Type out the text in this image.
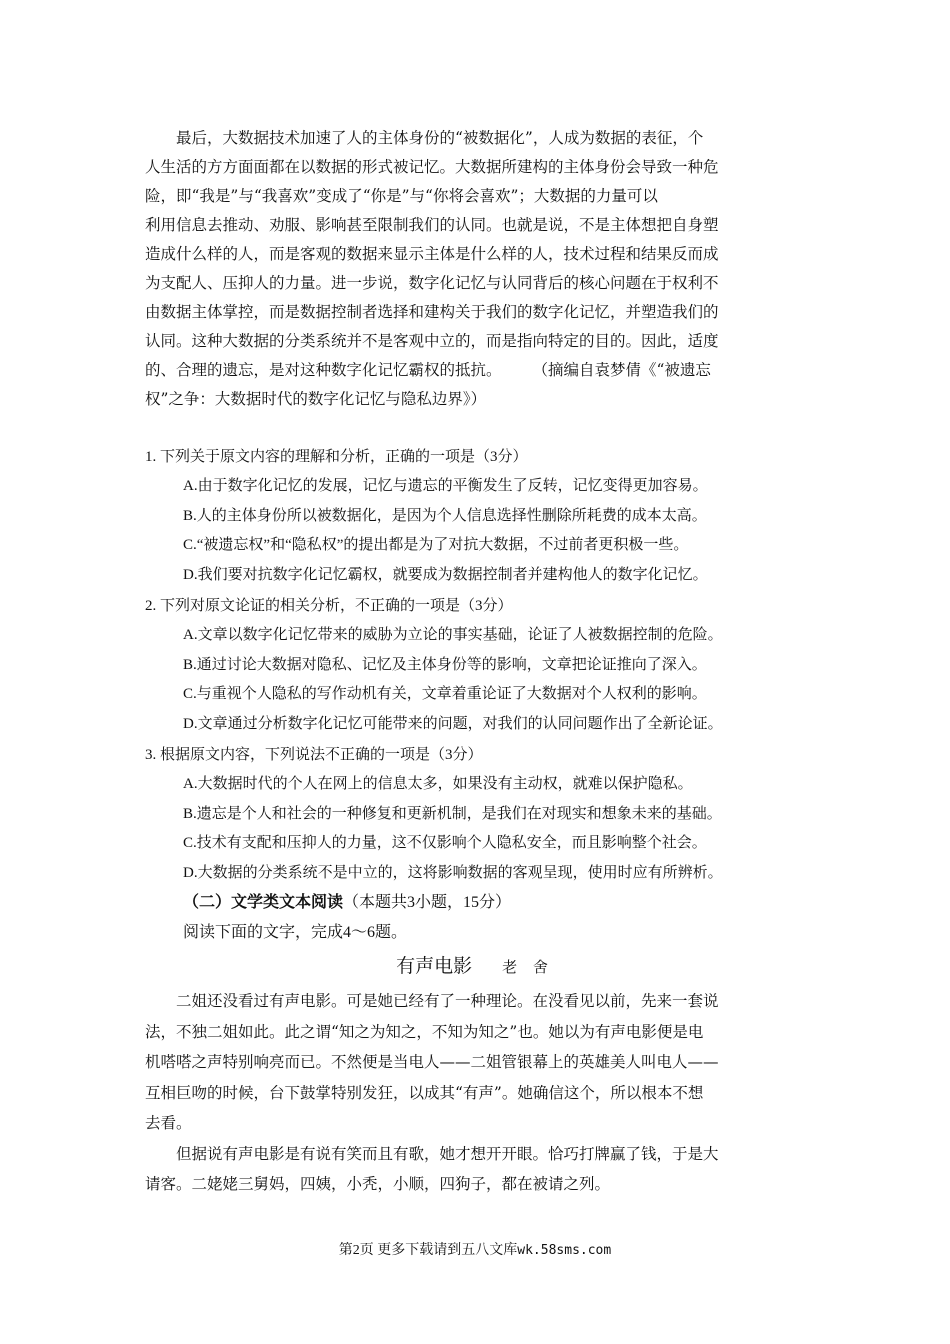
　　最后，大数据技术加速了人的主体身份的“被数据化”，人成为数据的表征，个
人生活的方方面面都在以数据的形式被记忆。大数据所建构的主体身份会导致一种危
险，即“我是”与“我喜欢”变成了“你是”与“你将会喜欢”；大数据的力量可以
利用信息去推动、劝服、影响甚至限制我们的认同。也就是说，不是主体想把自身塑
造成什么样的人，而是客观的数据来显示主体是什么样的人，技术过程和结果反而成
为支配人、压抑人的力量。进一步说，数字化记忆与认同背后的核心问题在于权利不
由数据主体掌控，而是数据控制者选择和建构关于我们的数字化记忆，并塑造我们的
认同。这种大数据的分类系统并不是客观中立的，而是指向特定的目的。因此，适度
的、合理的遗忘，是对这种数字化记忆霸权的抵抗。　　　（摘编自袁梦倩《“被遗忘
权”之争：大数据时代的数字化记忆与隐私边界》）
1. 下列关于原文内容的理解和分析，正确的一项是（3分）
A.由于数字化记忆的发展，记忆与遗忘的平衡发生了反转，记忆变得更加容易。
B.人的主体身份所以被数据化，是因为个人信息选择性删除所耗费的成本太高。
C.“被遗忘权”和“隐私权”的提出都是为了对抗大数据，不过前者更积极一些。
D.我们要对抗数字化记忆霸权，就要成为数据控制者并建构他人的数字化记忆。
2. 下列对原文论证的相关分析，不正确的一项是（3分）
A.文章以数字化记忆带来的威胁为立论的事实基础，论证了人被数据控制的危险。
B.通过讨论大数据对隐私、记忆及主体身份等的影响，文章把论证推向了深入。
C.与重视个人隐私的写作动机有关，文章着重论证了大数据对个人权利的影响。
D.文章通过分析数字化记忆可能带来的问题，对我们的认同问题作出了全新论证。
3. 根据原文内容，下列说法不正确的一项是（3分）
A.大数据时代的个人在网上的信息太多，如果没有主动权，就难以保护隐私。
B.遗忘是个人和社会的一种修复和更新机制，是我们在对现实和想象未来的基础。
C.技术有支配和压抑人的力量，这不仅影响个人隐私安全，而且影响整个社会。
D.大数据的分类系统不是中立的，这将影响数据的客观呈现，使用时应有所辨析。
（二）文学类文本阅读（本题共3小题，15分）
阅读下面的文字，完成4～6题。
有声电影 老 舍
　　二姐还没看过有声电影。可是她已经有了一种理论。在没看见以前，先来一套说
法，不独二姐如此。此之谓“知之为知之，不知为知之”也。她以为有声电影便是电
机嗒嗒之声特别响亮而已。不然便是当电人——二姐管银幕上的英雄美人叫电人——
互相巨吻的时候，台下鼓掌特别发狂，以成其“有声”。她确信这个，所以根本不想
去看。
　　但据说有声电影是有说有笑而且有歌，她才想开开眼。恰巧打牌赢了钱，于是大
请客。二姥姥三舅妈，四姨，小秃，小顺，四狗子，都在被请之列。
第2页 更多下载请到五八文库wk.58sms.com
